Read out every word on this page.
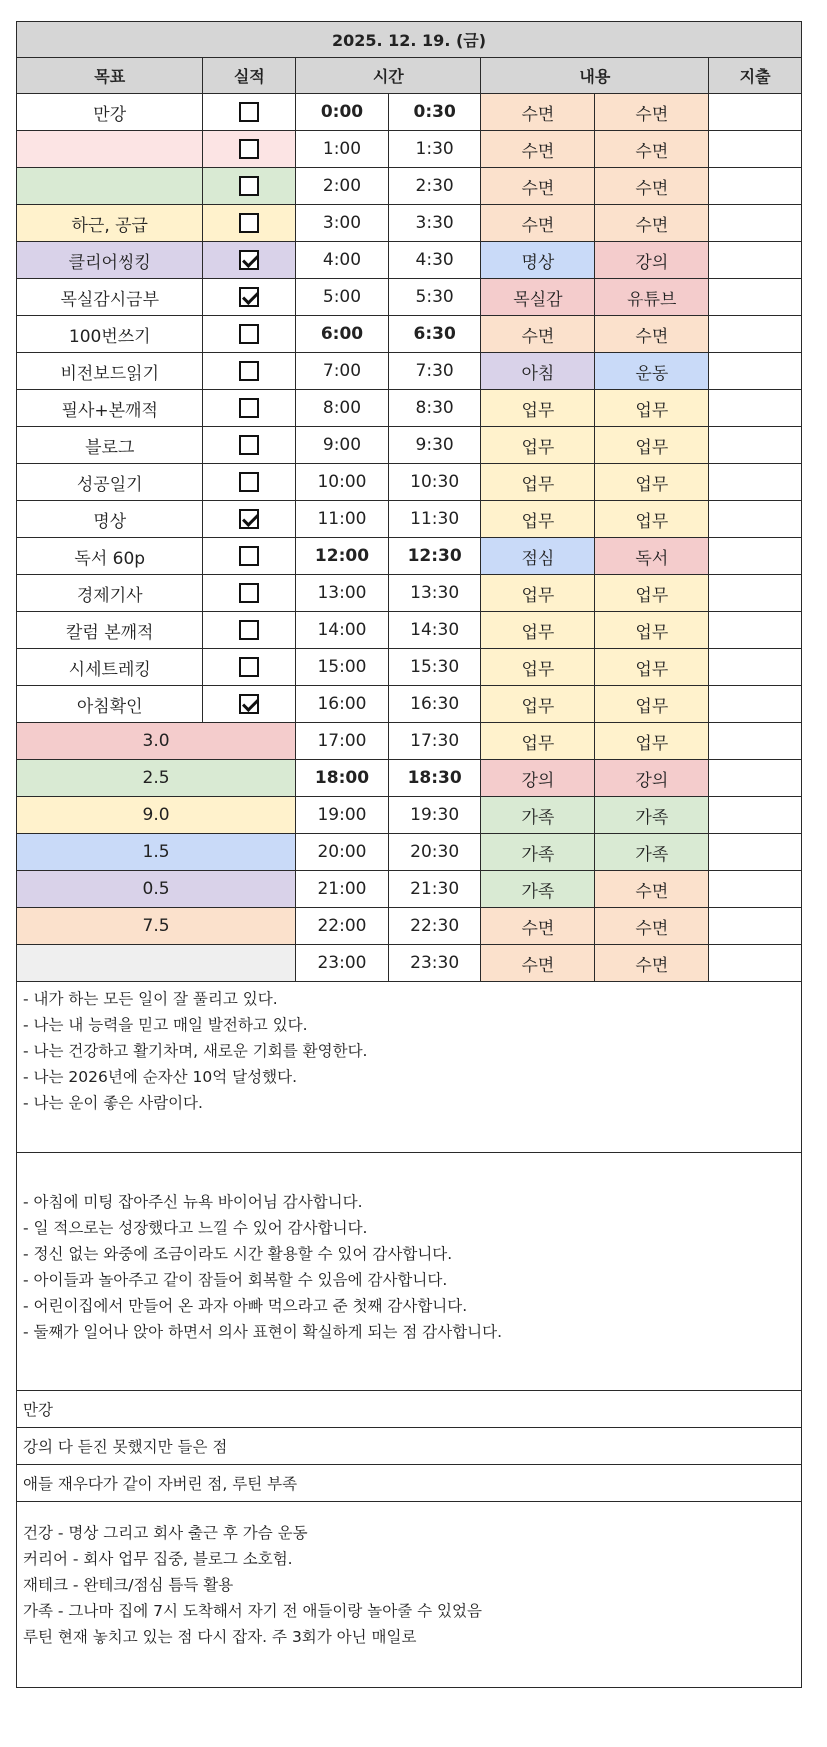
2025. 12. 19. (금)						
목표	실적	시간		내용		지출
만강		0:00	0:30	수면	수면	
		1:00	1:30	수면	수면	
		2:00	2:30	수면	수면	
하근, 공급		3:00	3:30	수면	수면	
클리어씽킹		4:00	4:30	명상	강의	
목실감시금부		5:00	5:30	목실감	유튜브	
100번쓰기		6:00	6:30	수면	수면	
비전보드읽기		7:00	7:30	아침	운동	
필사+본깨적		8:00	8:30	업무	업무	
블로그		9:00	9:30	업무	업무	
성공일기		10:00	10:30	업무	업무	
명상		11:00	11:30	업무	업무	
독서 60p		12:00	12:30	점심	독서	
경제기사		13:00	13:30	업무	업무	
칼럼 본깨적		14:00	14:30	업무	업무	
시세트레킹		15:00	15:30	업무	업무	
아침확인		16:00	16:30	업무	업무	
3.0		17:00	17:30	업무	업무	
2.5		18:00	18:30	강의	강의	
9.0		19:00	19:30	가족	가족	
1.5		20:00	20:30	가족	가족	
0.5		21:00	21:30	가족	수면	
7.5		22:00	22:30	수면	수면	
		23:00	23:30	수면	수면	
- 내가 하는 모든 일이 잘 풀리고 있다.
- 나는 내 능력을 믿고 매일 발전하고 있다.
- 나는 건강하고 활기차며, 새로운 기회를 환영한다.
- 나는 2026년에 순자산 10억 달성했다.
- 나는 운이 좋은 사람이다.

- 아침에 미팅 잡아주신 뉴욕 바이어님 감사합니다.
- 일 적으로는 성장했다고 느낄 수 있어 감사합니다.
- 정신 없는 와중에 조금이라도 시간 활용할 수 있어 감사합니다.
- 아이들과 놀아주고 같이 잠들어 회복할 수 있음에 감사합니다.
- 어린이집에서 만들어 온 과자 아빠 먹으라고 준 첫째 감사합니다.
- 둘째가 일어나 앉아 하면서 의사 표현이 확실하게 되는 점 감사합니다.

만강
강의 다 듣진 못했지만 들은 점
애들 재우다가 같이 자버린 점, 루틴 부족

건강 - 명상 그리고 회사 출근 후 가슴 운동
커리어 - 회사 업무 집중, 블로그 소호험.
재테크 - 완테크/점심 틈득 활용
가족 - 그나마 집에 7시 도착해서 자기 전 애들이랑 놀아줄 수 있었음
루틴 현재 놓치고 있는 점 다시 잡자. 주 3회가 아닌 매일로
